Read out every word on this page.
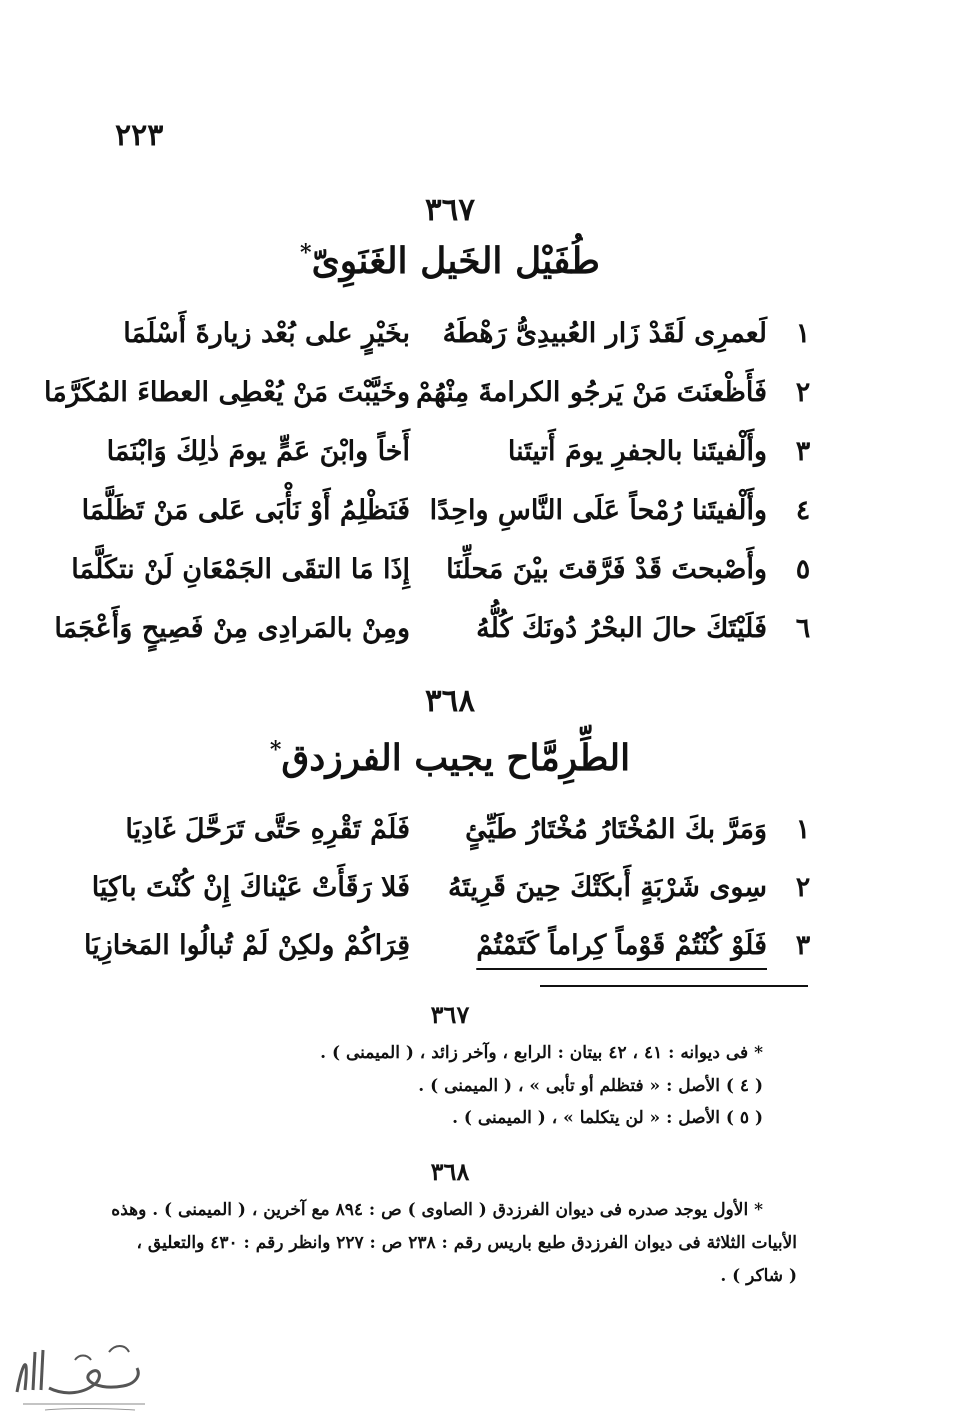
٢٢٣
٣٦٧
طُفَيْل الخَيل الغَنَوِىّ*
١
لَعمرِى لَقَدْ زَار العُبيدِىُّ رَهْطَهُ
بخَيْرٍ على بُعْد زيارةَ أَسْلَمَا
٢
فَأَظْعنَتَ مَنْ يَرجُو الكرامةَ مِنْهُمْ
وخَيَّبْتَ مَنْ يُعْطِى العطاءَ المُكَرَّمَا
٣
وأَلْفيتَنا بالجفرِ يومَ أَتيتَنا
أَخاً وابْنَ عَمٍّ يومَ ذٰلِكَ وَابْنَمَا
٤
وأَلْفيتَنا رُمْحاً عَلَى النَّاسِ واحِدًا
فَنَظْلِمُ أَوْ نَأْبَى عَلى مَنْ تَظَلَّمَا
٥
وأَصْبحتَ قَدْ فَرَّقتَ بيْنَ مَحلِّنَا
إِذَا مَا التقَى الجَمْعَانِ لَنْ نتكَلَّمَا
٦
فَلَيْتَكَ حالَ البحْرُ دُونَكَ كُلُّهُ
ومِنْ بالمَرادِى مِنْ فَصِيحٍ وَأَعْجَمَا
٣٦٨
الطِّرِمَّاح يجيب الفرزدق*
١
وَمَرَّ بكَ المُخْتَارُ مُخْتَارُ طَيِّئٍ
فَلَمْ تَقْرِهِ حَتَّى تَرَحَّلَ غَادِيَا
٢
سِوى شَرْبَةٍ أَبكَتْكَ حِينَ قَرِيتَهُ
فَلا رَقَأَتْ عَيْناكَ إِنْ كُنْتَ باكِيَا
٣
فَلَوْ كُنْتُمْ قَوْماً كِراماً كَتَمْتُمْ
قِرَاكُمْ ولكِنْ لَمْ تُبالُوا المَخازِيَا
٣٦٧
* فى ديوانه : ٤١ ، ٤٢ بيتان : الرابع ، وآخر زائد ، ( الميمنى ) .
( ٤ ) الأصل : « فتظلم أو تأبى » ، ( الميمنى ) .
( ٥ ) الأصل : « لن يتكلما » ، ( الميمنى ) .
٣٦٨
* الأول يوجد صدره فى ديوان الفرزدق ( الصاوى ) ص : ٨٩٤ مع آخرين ، ( الميمنى ) . وهذه
الأبيات الثلاثة فى ديوان الفرزدق طبع باريس رقم : ٢٣٨ ص : ٢٢٧ وانظر رقم : ٤٣٠ والتعليق ،
( شاكر ) .
